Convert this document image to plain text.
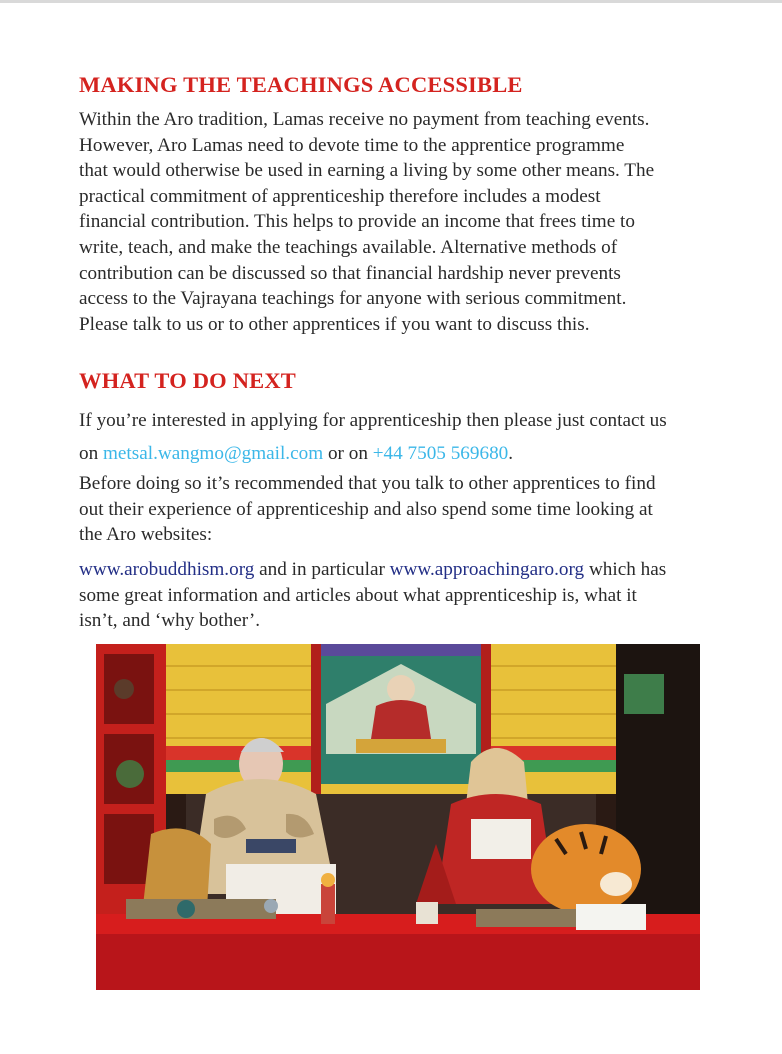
MAKING THE TEACHINGS ACCESSIBLE

Within the Aro tradition, Lamas receive no payment from teaching events.
However, Aro Lamas need to devote time to the apprentice programme
that would otherwise be used in earning a living by some other means. The
practical commitment of apprenticeship therefore includes a modest
financial contribution. This helps to provide an income that frees time to
write, teach, and make the teachings available. Alternative methods of
contribution can be discussed so that financial hardship never prevents
access to the Vajrayana teachings for anyone with serious commitment.
Please talk to us or to other apprentices if you want to discuss this.

WHAT TO DO NEXT

If you’re interested in applying for apprenticeship then please just contact us
on metsal.wangmo@gmail.com or on +44 7505 569680.

Before doing so it’s recommended that you talk to other apprentices to find
out their experience of apprenticeship and also spend some time looking at
the Aro websites:

www.arobuddhism.org and in particular www.approachingaro.org which has
some great information and articles about what apprenticeship is, what it
isn’t, and ‘why bother’.
